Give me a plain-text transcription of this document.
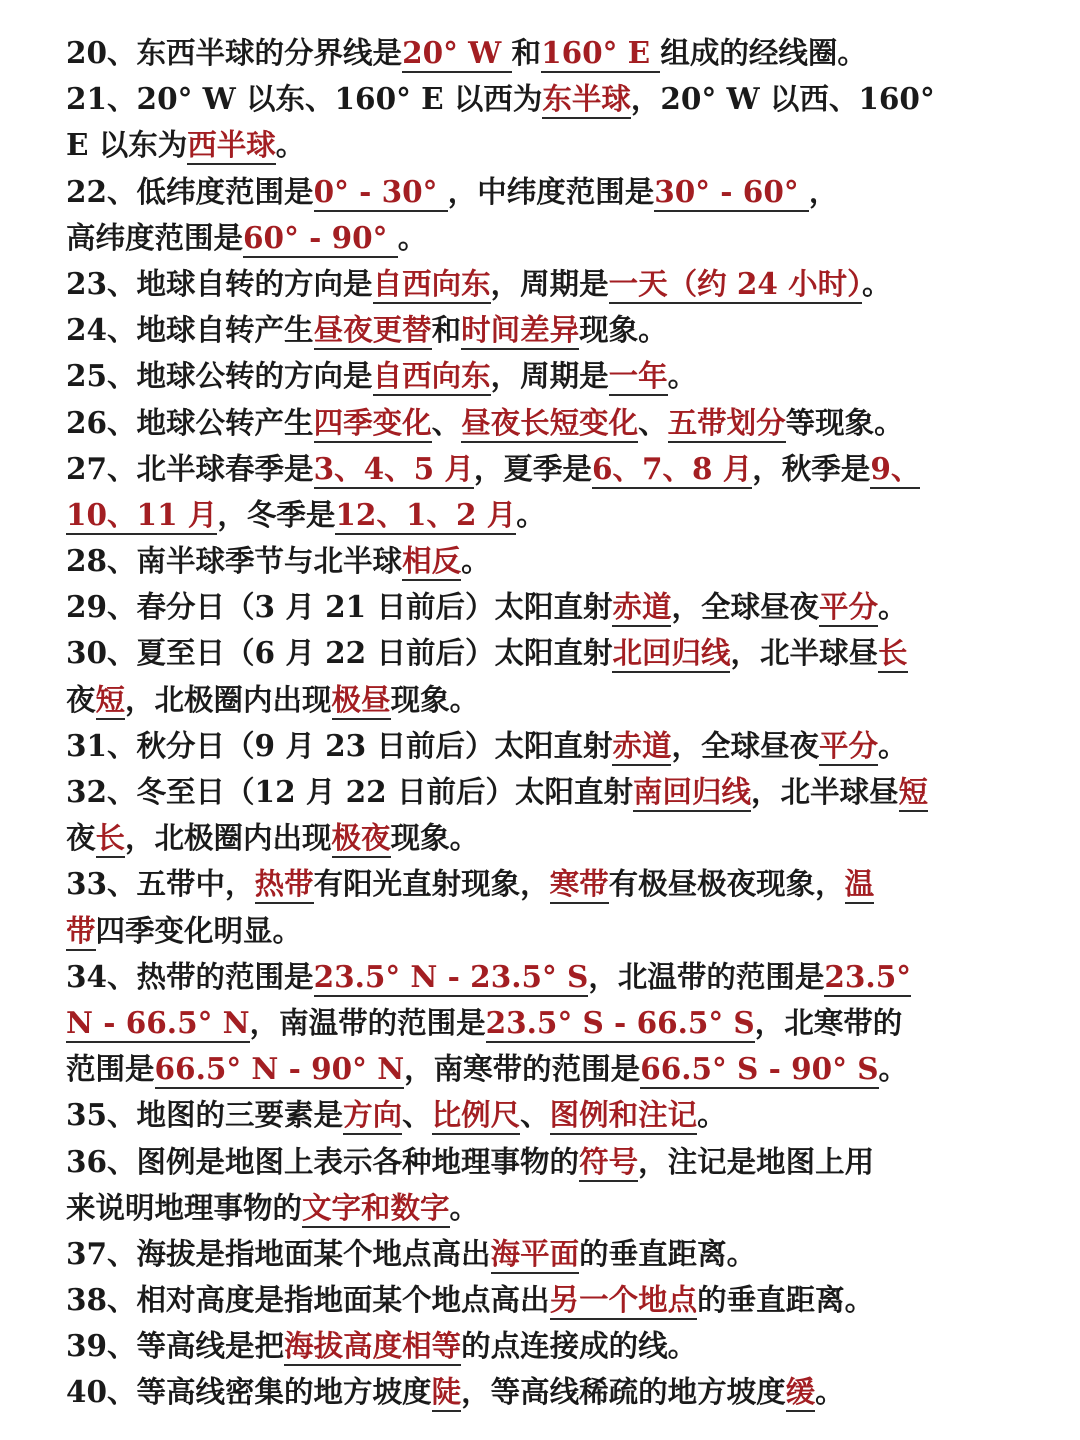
20、东西半球的分界线是20° W 和160° E 组成的经线圈。
21、20° W 以东、160° E 以西为东半球，20° W 以西、160°
E 以东为西半球。
22、低纬度范围是0° - 30° ，中纬度范围是30° - 60° ，
高纬度范围是60° - 90° 。
23、地球自转的方向是自西向东，周期是一天（约 24 小时）。
24、地球自转产生昼夜更替和时间差异现象。
25、地球公转的方向是自西向东，周期是一年。
26、地球公转产生四季变化、昼夜长短变化、五带划分等现象。
27、北半球春季是3、4、5 月，夏季是6、7、8 月，秋季是9、
10、11 月，冬季是12、1、2 月。
28、南半球季节与北半球相反。
29、春分日（3 月 21 日前后）太阳直射赤道，全球昼夜平分。
30、夏至日（6 月 22 日前后）太阳直射北回归线，北半球昼长
夜短，北极圈内出现极昼现象。
31、秋分日（9 月 23 日前后）太阳直射赤道，全球昼夜平分。
32、冬至日（12 月 22 日前后）太阳直射南回归线，北半球昼短
夜长，北极圈内出现极夜现象。
33、五带中，热带有阳光直射现象，寒带有极昼极夜现象，温
带四季变化明显。
34、热带的范围是23.5° N - 23.5° S，北温带的范围是23.5°
N - 66.5° N，南温带的范围是23.5° S - 66.5° S，北寒带的
范围是66.5° N - 90° N，南寒带的范围是66.5° S - 90° S。
35、地图的三要素是方向、比例尺、图例和注记。
36、图例是地图上表示各种地理事物的符号，注记是地图上用
来说明地理事物的文字和数字。
37、海拔是指地面某个地点高出海平面的垂直距离。
38、相对高度是指地面某个地点高出另一个地点的垂直距离。
39、等高线是把海拔高度相等的点连接成的线。
40、等高线密集的地方坡度陡，等高线稀疏的地方坡度缓。
